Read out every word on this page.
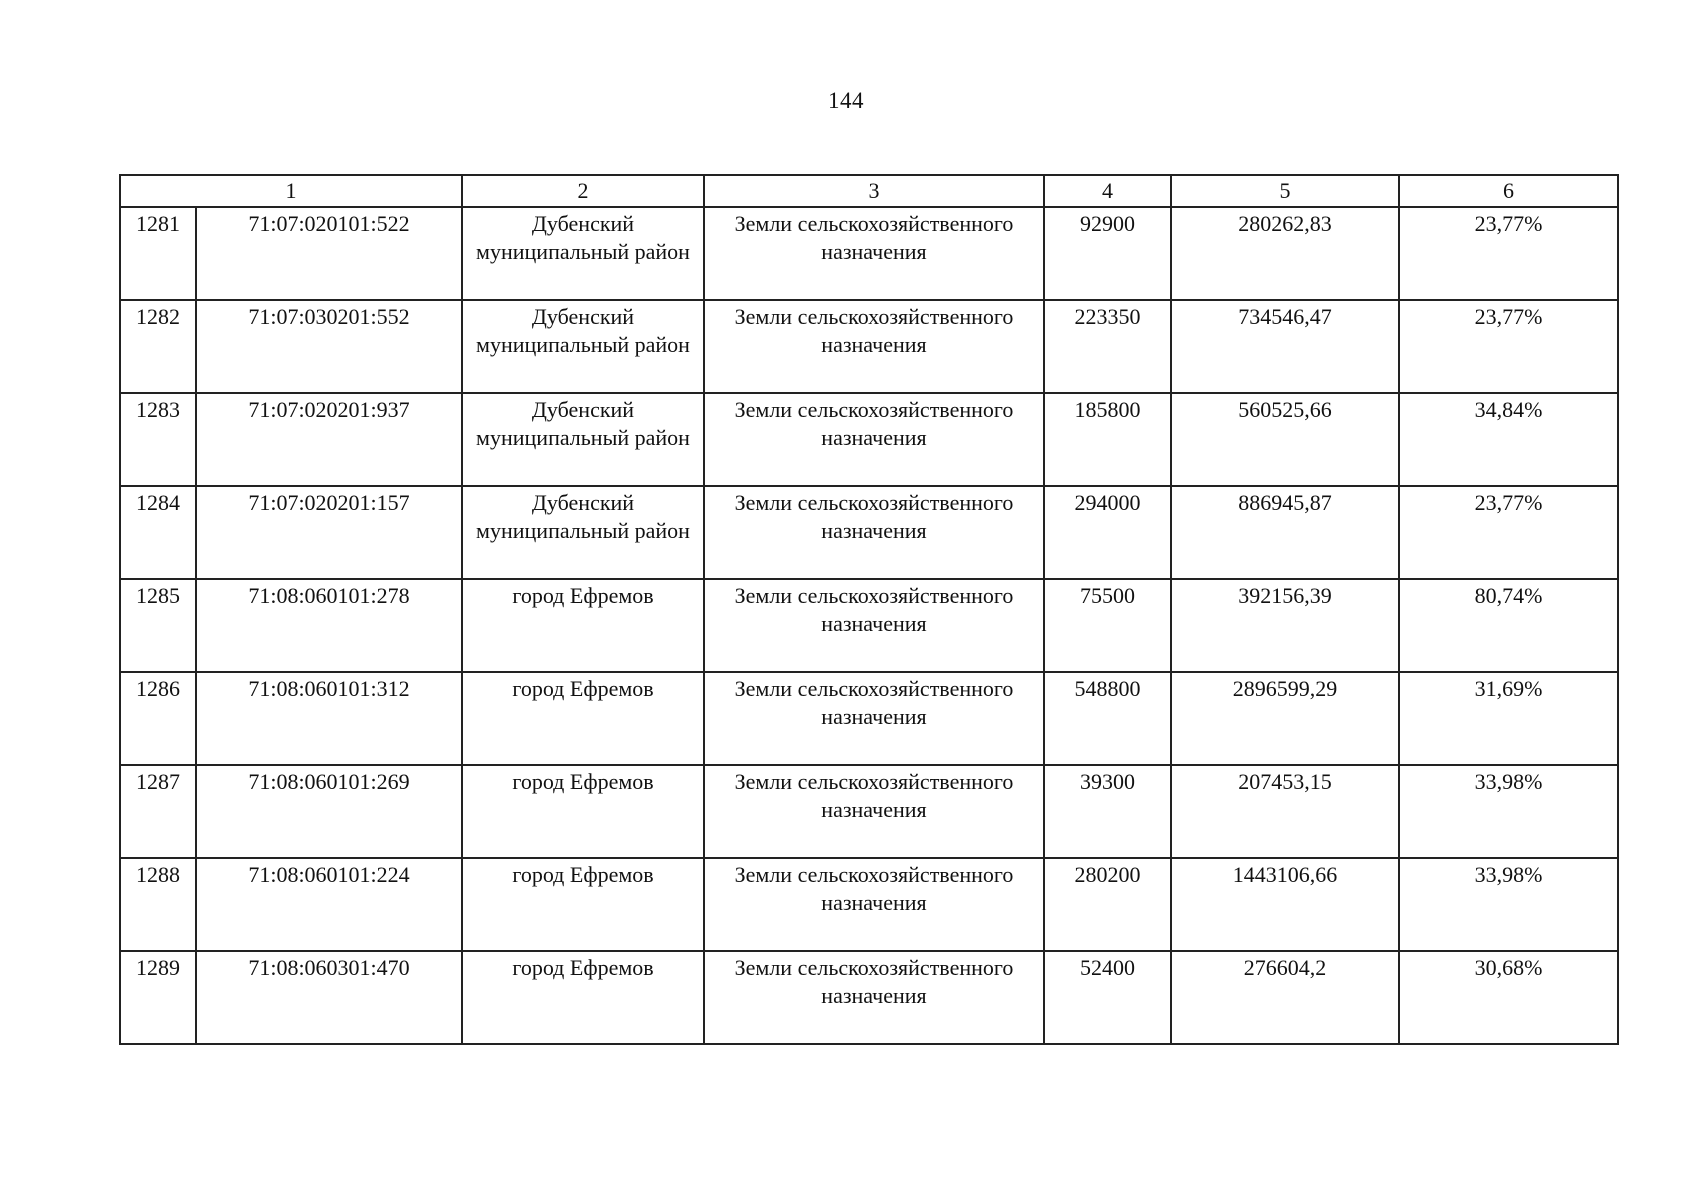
144
1		2	3	4	5	6
1281	71:07:020101:522	Дубенский муниципальный район	Земли сельскохозяйственного назначения	92900	280262,83	23,77%
1282	71:07:030201:552	Дубенский муниципальный район	Земли сельскохозяйственного назначения	223350	734546,47	23,77%
1283	71:07:020201:937	Дубенский муниципальный район	Земли сельскохозяйственного назначения	185800	560525,66	34,84%
1284	71:07:020201:157	Дубенский муниципальный район	Земли сельскохозяйственного назначения	294000	886945,87	23,77%
1285	71:08:060101:278	город Ефремов	Земли сельскохозяйственного назначения	75500	392156,39	80,74%
1286	71:08:060101:312	город Ефремов	Земли сельскохозяйственного назначения	548800	2896599,29	31,69%
1287	71:08:060101:269	город Ефремов	Земли сельскохозяйственного назначения	39300	207453,15	33,98%
1288	71:08:060101:224	город Ефремов	Земли сельскохозяйственного назначения	280200	1443106,66	33,98%
1289	71:08:060301:470	город Ефремов	Земли сельскохозяйственного назначения	52400	276604,2	30,68%
